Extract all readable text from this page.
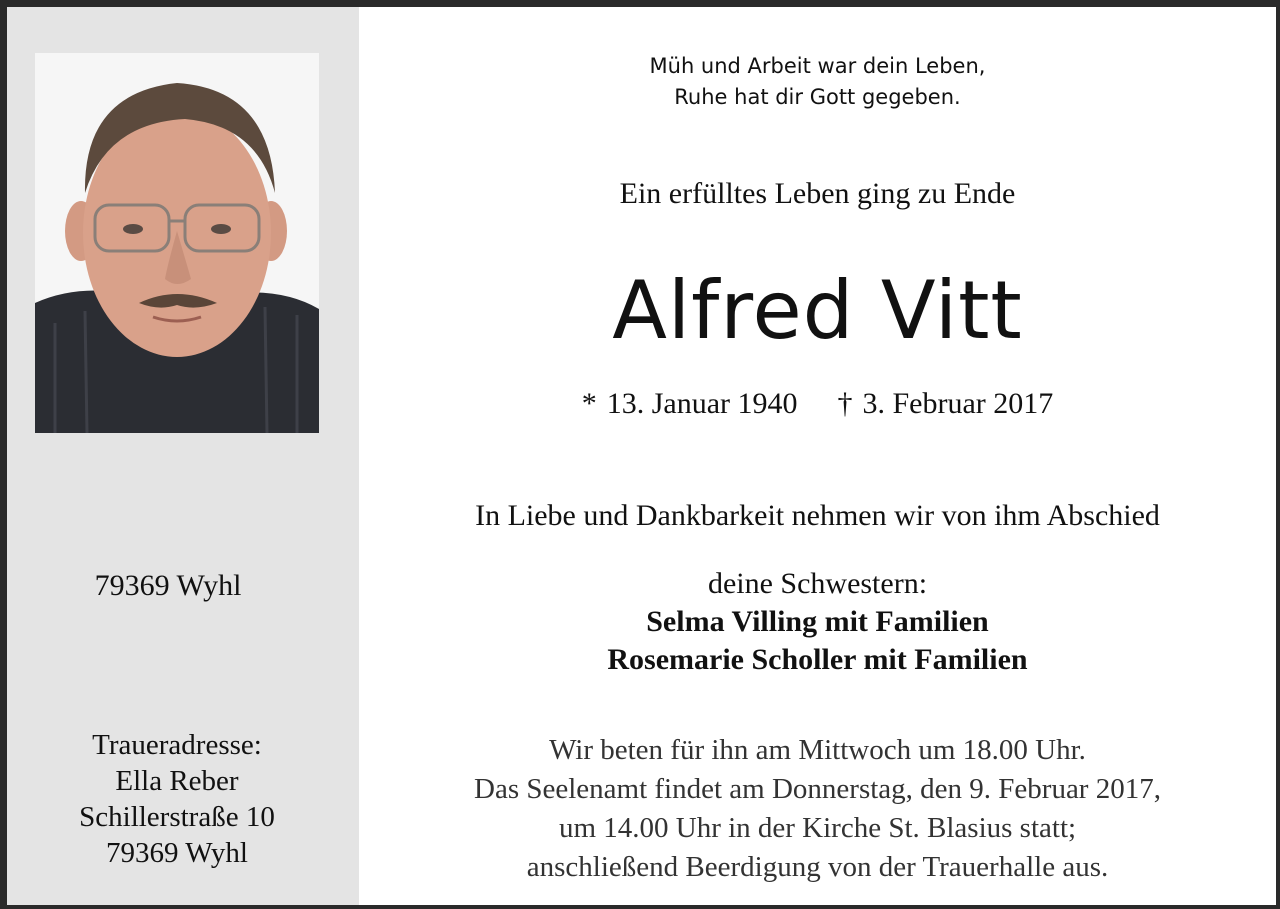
79369 Wyhl
Traueradresse:
Ella Reber
Schillerstraße 10
79369 Wyhl
Müh und Arbeit war dein Leben,
Ruhe hat dir Gott gegeben.
Ein erfülltes Leben ging zu Ende
Alfred Vitt
* 13. Januar 1940 † 3. Februar 2017
In Liebe und Dankbarkeit nehmen wir von ihm Abschied
deine Schwestern:
Selma Villing mit Familien
Rosemarie Scholler mit Familien
Wir beten für ihn am Mittwoch um 18.00 Uhr.
Das Seelenamt findet am Donnerstag, den 9. Februar 2017,
um 14.00 Uhr in der Kirche St. Blasius statt;
anschließend Beerdigung von der Trauerhalle aus.
